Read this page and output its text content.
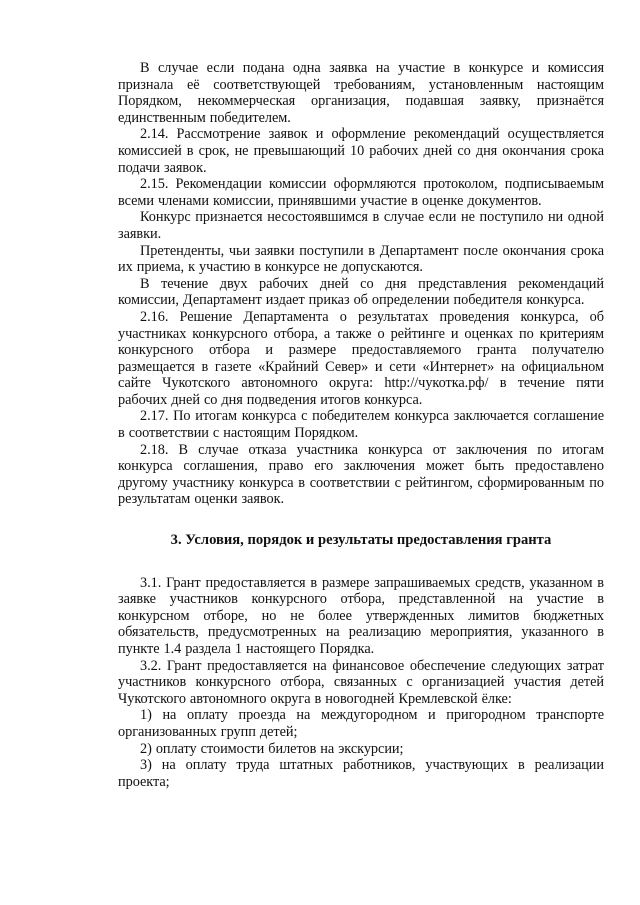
В случае если подана одна заявка на участие в конкурсе и комиссия признала её соответствующей требованиям, установленным настоящим Порядком, некоммерческая организация, подавшая заявку, признаётся единственным победителем.

2.14. Рассмотрение заявок и оформление рекомендаций осуществляется комиссией в срок, не превышающий 10 рабочих дней со дня окончания срока подачи заявок.

2.15. Рекомендации комиссии оформляются протоколом, подписываемым всеми членами комиссии, принявшими участие в оценке документов.

Конкурс признается несостоявшимся в случае если не поступило ни одной заявки.

Претенденты, чьи заявки поступили в Департамент после окончания срока их приема, к участию в конкурсе не допускаются.

В течение двух рабочих дней со дня представления рекомендаций комиссии, Департамент издает приказ об определении победителя конкурса.

2.16. Решение Департамента о результатах проведения конкурса, об участниках конкурсного отбора, а также о рейтинге и оценках по критериям конкурсного отбора и размере предоставляемого гранта получателю размещается в газете «Крайний Север» и сети «Интернет» на официальном сайте Чукотского автономного округа: http://чукотка.рф/ в течение пяти рабочих дней со дня подведения итогов конкурса.

2.17. По итогам конкурса с победителем конкурса заключается соглашение в соответствии с настоящим Порядком.

2.18. В случае отказа участника конкурса от заключения по итогам конкурса соглашения, право его заключения может быть предоставлено другому участнику конкурса в соответствии с рейтингом, сформированным по результатам оценки заявок.

3. Условия, порядок и результаты предоставления гранта

3.1. Грант предоставляется в размере запрашиваемых средств, указанном в заявке участников конкурсного отбора, представленной на участие в конкурсном отборе, но не более утвержденных лимитов бюджетных обязательств, предусмотренных на реализацию мероприятия, указанного в пункте 1.4 раздела 1 настоящего Порядка.

3.2. Грант предоставляется на финансовое обеспечение следующих затрат участников конкурсного отбора, связанных с организацией участия детей Чукотского автономного округа в новогодней Кремлевской ёлке:

1) на оплату проезда на междугородном и пригородном транспорте организованных групп детей;

2) оплату стоимости билетов на экскурсии;

3) на оплату труда штатных работников, участвующих в реализации проекта;
